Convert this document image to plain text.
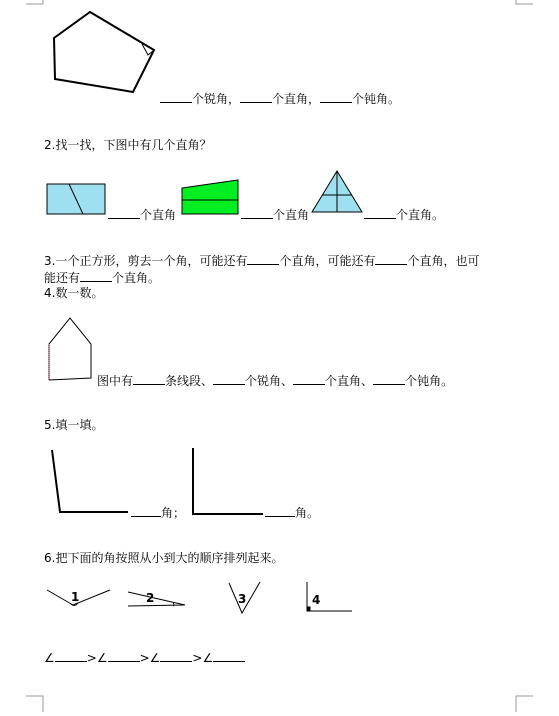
个锐角，	个直角，	个钝角。
2.找一找，下图中有几个直角？
个直角	个直角	个直角。
3.一个正方形，剪去一个角，可能还有	个直角，可能还有	个直角，也可
能还有	个直角。
4.数一数。
图中有	条线段、	个锐角、	个直角、	个钝角。
5.填一填。
角；	角。
6.把下面的角按照从小到大的顺序排列起来。
1	2	3	4
∠	>∠	>∠	>∠
